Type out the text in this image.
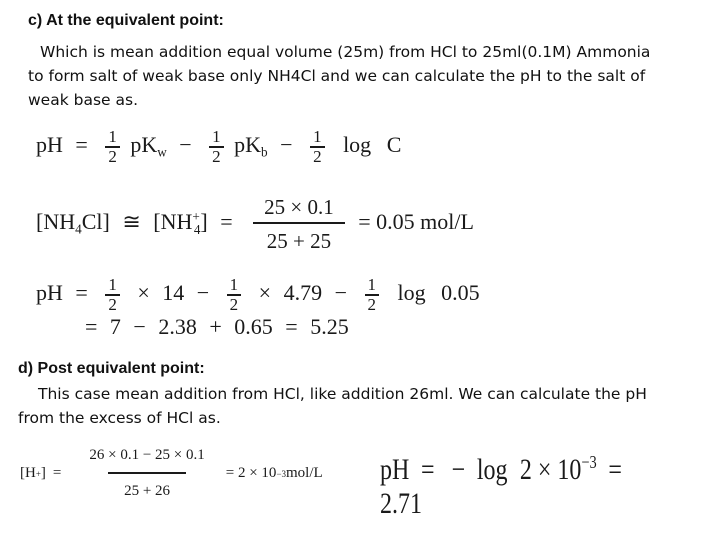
c) At the equivalent point:
Which is mean addition equal volume (25m) from HCl to 25ml(0.1M) Ammonia
to form salt of weak base only NH4Cl and we can calculate the pH to the salt of
weak base as.
pH = $\frac{1}{2} pK_w - \frac{1}{2} pK_b - \frac{1}{2}$ log C
$[NH_4Cl]$ ≅ $[NH^+_4] = \frac{25 \times 0.1}{25 + 25} = 0.05$ mol/L
pH = $\frac{1}{2} \times 14 - \frac{1}{2} \times 4.79 - \frac{1}{2}$ log 0.05
= 7 − 2.38 + 0.65 = 5.25
d) Post equivalent point:
This case mean addition from HCl, like addition 26ml. We can calculate the pH
from the excess of HCl as.
[H + ] = $\frac{26 \times 0.1 - 25 \times 0.1}{25 + 26} = 2 \times 10 -3$ mol/L pH = − $\log 2 \times 10^{-3} = 2.71$
